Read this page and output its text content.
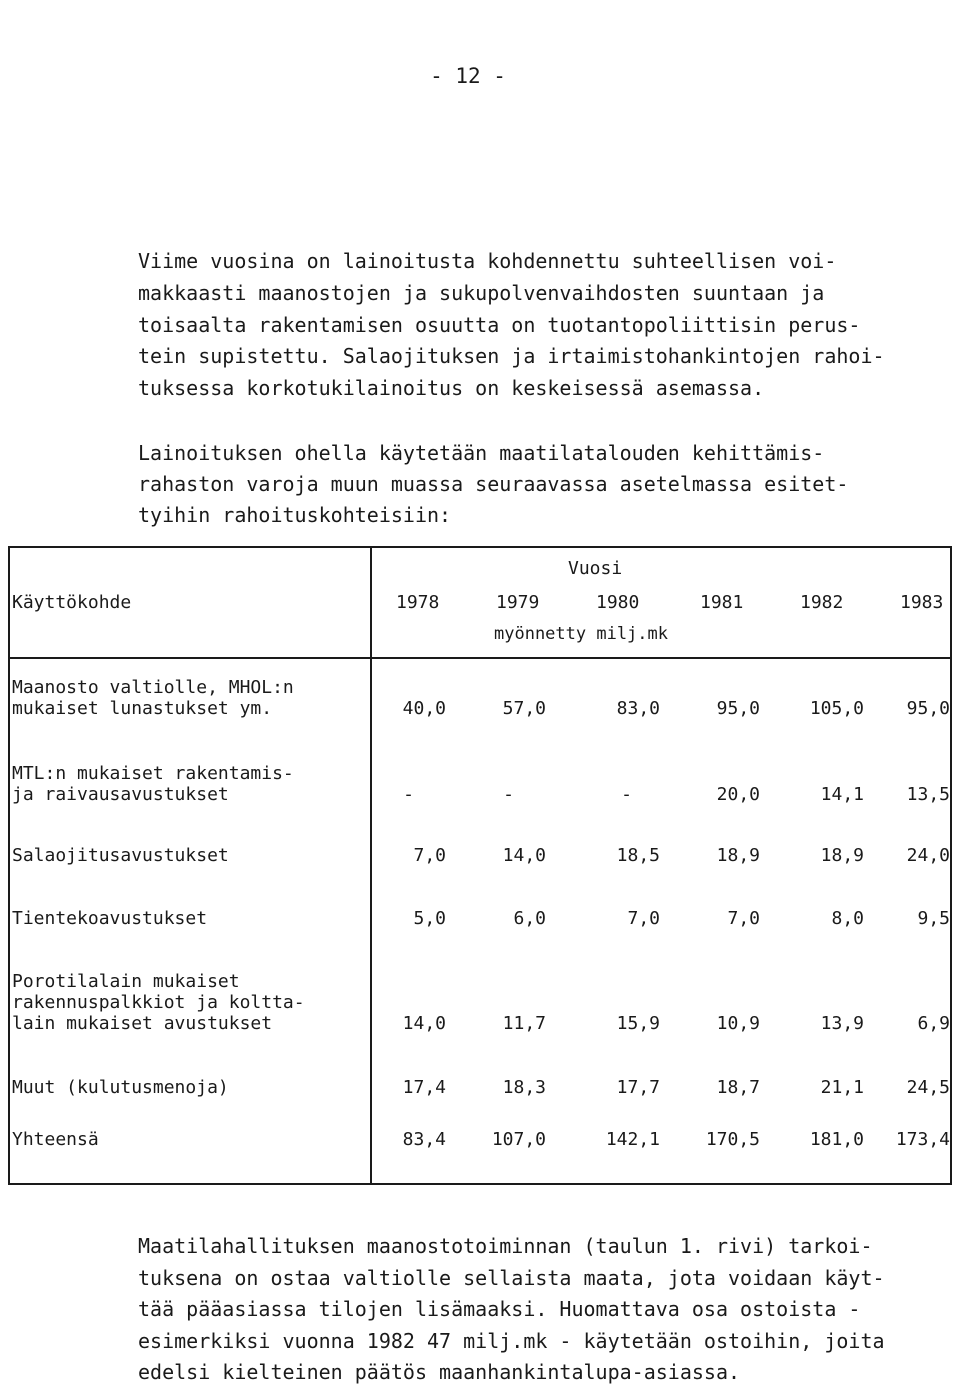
- 12 -
Viime vuosina on lainoitusta kohdennettu suhteellisen voi-
makkaasti maanostojen ja sukupolvenvaihdosten suuntaan ja
toisaalta rakentamisen osuutta on tuotantopoliittisin perus-
tein supistettu. Salaojituksen ja irtaimistohankintojen rahoi-
tuksessa korkotukilainoitus on keskeisessä asemassa.
Lainoituksen ohella käytetään maatilatalouden kehittämis-
rahaston varoja muun muassa seuraavassa asetelmassa esitet-
tyihin rahoituskohteisiin:
Vuosi
Käyttökohde	1978	1979	1980	1981	1982	1983
myönnetty milj.mk
Maanosto valtiolle, MHOL:n
mukaiset lunastukset ym.	40,0	57,0	83,0	95,0	105,0	95,0
MTL:n mukaiset rakentamis-
ja raivausavustukset	-	-	-	20,0	14,1	13,5
Salaojitusavustukset	7,0	14,0	18,5	18,9	18,9	24,0
Tientekoavustukset	5,0	6,0	7,0	7,0	8,0	9,5
Porotilalain mukaiset
rakennuspalkkiot ja koltta-
lain mukaiset avustukset	14,0	11,7	15,9	10,9	13,9	6,9
Muut (kulutusmenoja)	17,4	18,3	17,7	18,7	21,1	24,5
Yhteensä	83,4	107,0	142,1	170,5	181,0	173,4
Maatilahallituksen maanostotoiminnan (taulun 1. rivi) tarkoi-
tuksena on ostaa valtiolle sellaista maata, jota voidaan käyt-
tää pääasiassa tilojen lisämaaksi. Huomattava osa ostoista -
esimerkiksi vuonna 1982 47 milj.mk - käytetään ostoihin, joita
edelsi kielteinen päätös maanhankintalupa-asiassa.
